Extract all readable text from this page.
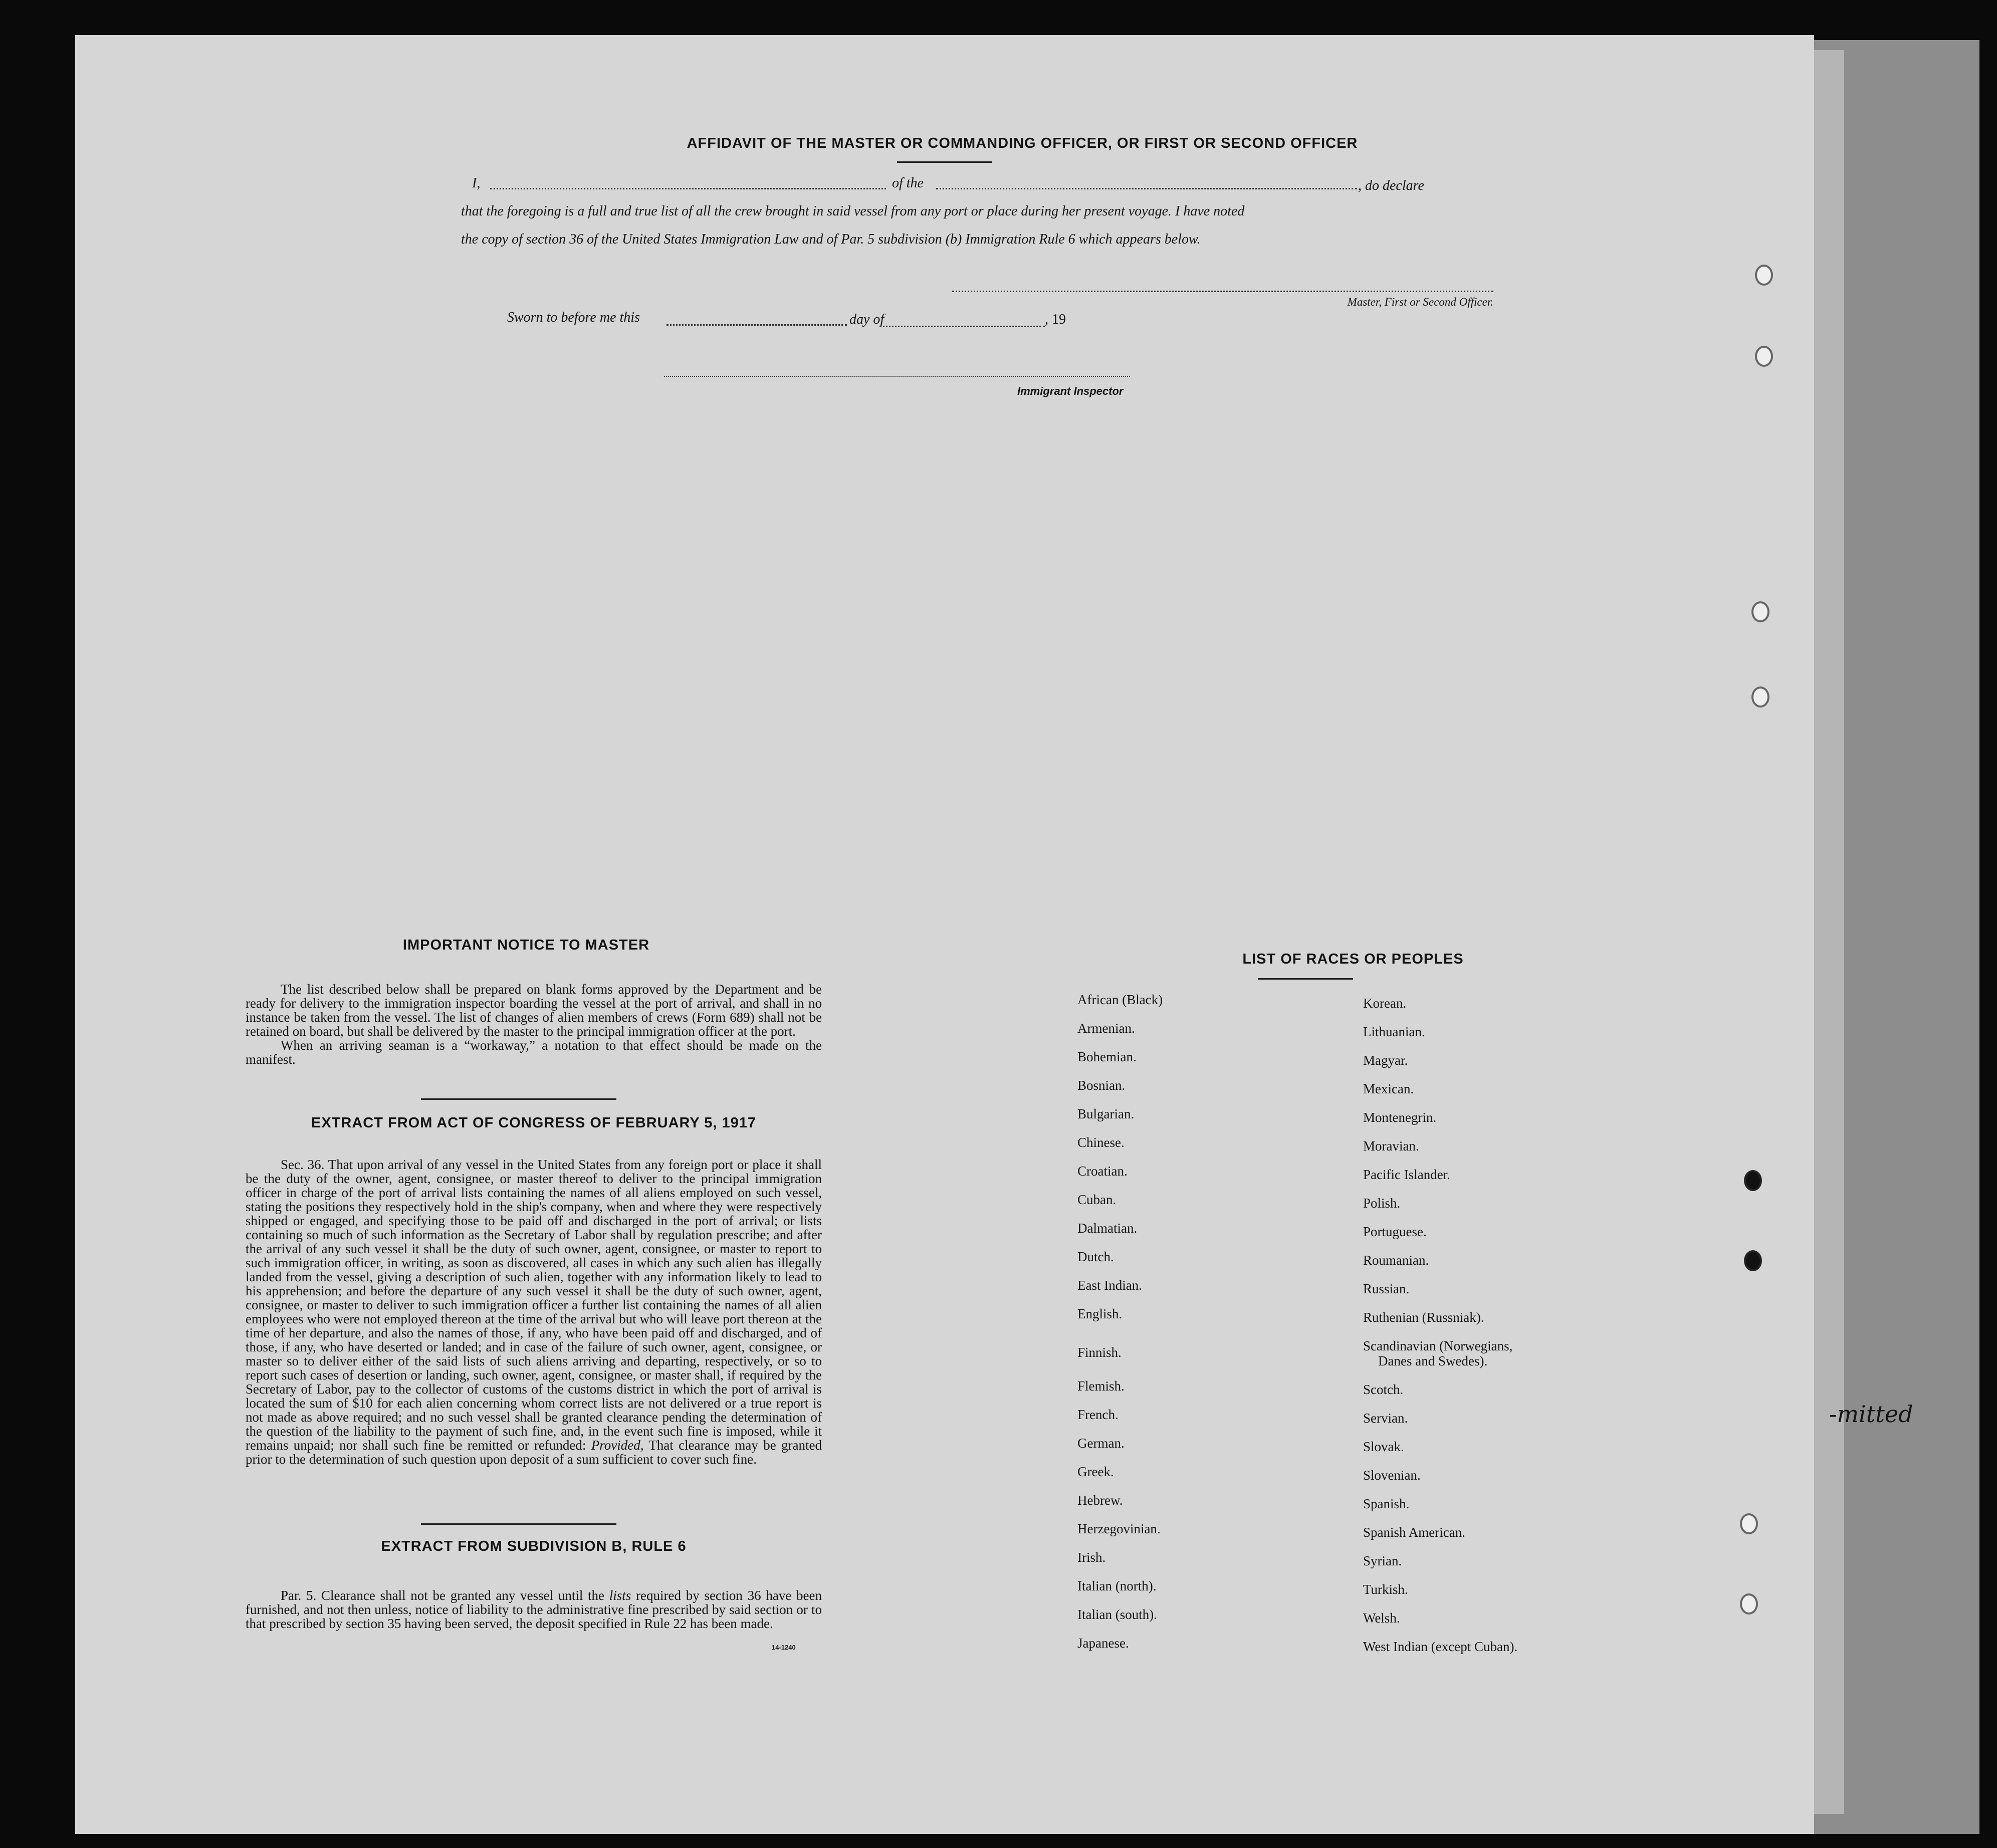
AFFIDAVIT OF THE MASTER OR COMMANDING OFFICER, OR FIRST OR SECOND OFFICER
I,	of the	, do declare
that the foregoing is a full and true list of all the crew brought in said vessel from any port or place during her present voyage. I have noted
the copy of section 36 of the United States Immigration Law and of Par. 5 subdivision (b) Immigration Rule 6 which appears below.
Master, First or Second Officer.
Sworn to before me this	day of	, 19
Immigrant Inspector
IMPORTANT NOTICE TO MASTER

The list described below shall be prepared on blank forms approved by the Department and be ready for delivery to the immigration inspector boarding the vessel at the port of arrival, and shall in no instance be taken from the vessel. The list of changes of alien members of crews (Form 689) shall not be retained on board, but shall be delivered by the master to the principal immigration officer at the port.

When an arriving seaman is a “workaway,” a notation to that effect should be made on the manifest.

EXTRACT FROM ACT OF CONGRESS OF FEBRUARY 5, 1917

Sec. 36. That upon arrival of any vessel in the United States from any foreign port or place it shall be the duty of the owner, agent, consignee, or master thereof to deliver to the principal immigration officer in charge of the port of arrival lists containing the names of all aliens employed on such vessel, stating the positions they respectively hold in the ship's company, when and where they were respectively shipped or engaged, and specifying those to be paid off and discharged in the port of arrival; or lists containing so much of such information as the Secretary of Labor shall by regulation prescribe; and after the arrival of any such vessel it shall be the duty of such owner, agent, consignee, or master to report to such immigration officer, in writing, as soon as discovered, all cases in which any such alien has illegally landed from the vessel, giving a description of such alien, together with any information likely to lead to his apprehension; and before the departure of any such vessel it shall be the duty of such owner, agent, consignee, or master to deliver to such immigration officer a further list containing the names of all alien employees who were not employed thereon at the time of the arrival but who will leave port thereon at the time of her departure, and also the names of those, if any, who have been paid off and discharged, and of those, if any, who have deserted or landed; and in case of the failure of such owner, agent, consignee, or master so to deliver either of the said lists of such aliens arriving and departing, respectively, or so to report such cases of desertion or landing, such owner, agent, consignee, or master shall, if required by the Secretary of Labor, pay to the collector of customs of the customs district in which the port of arrival is located the sum of $10 for each alien concerning whom correct lists are not delivered or a true report is not made as above required; and no such vessel shall be granted clearance pending the determination of the question of the liability to the payment of such fine, and, in the event such fine is imposed, while it remains unpaid; nor shall such fine be remitted or refunded: Provided, That clearance may be granted prior to the determination of such question upon deposit of a sum sufficient to cover such fine.

EXTRACT FROM SUBDIVISION B, RULE 6

Par. 5. Clearance shall not be granted any vessel until the lists required by section 36 have been furnished, and not then unless, notice of liability to the administrative fine prescribed by said section or to that prescribed by section 35 having been served, the deposit specified in Rule 22 has been made.

14-1240
LIST OF RACES OR PEOPLES
African (Black)
Armenian.
Bohemian.
Bosnian.
Bulgarian.
Chinese.
Croatian.
Cuban.
Dalmatian.
Dutch.
East Indian.
English.
Finnish.
Flemish.
French.
German.
Greek.
Hebrew.
Herzegovinian.
Irish.
Italian (north).
Italian (south).
Japanese.
Korean.
Lithuanian.
Magyar.
Mexican.
Montenegrin.
Moravian.
Pacific Islander.
Polish.
Portuguese.
Roumanian.
Russian.
Ruthenian (Russniak).
Scandinavian (Norwegians,
Danes and Swedes).
Scotch.
Servian.
Slovak.
Slovenian.
Spanish.
Spanish American.
Syrian.
Turkish.
Welsh.
West Indian (except Cuban).
-mitted
